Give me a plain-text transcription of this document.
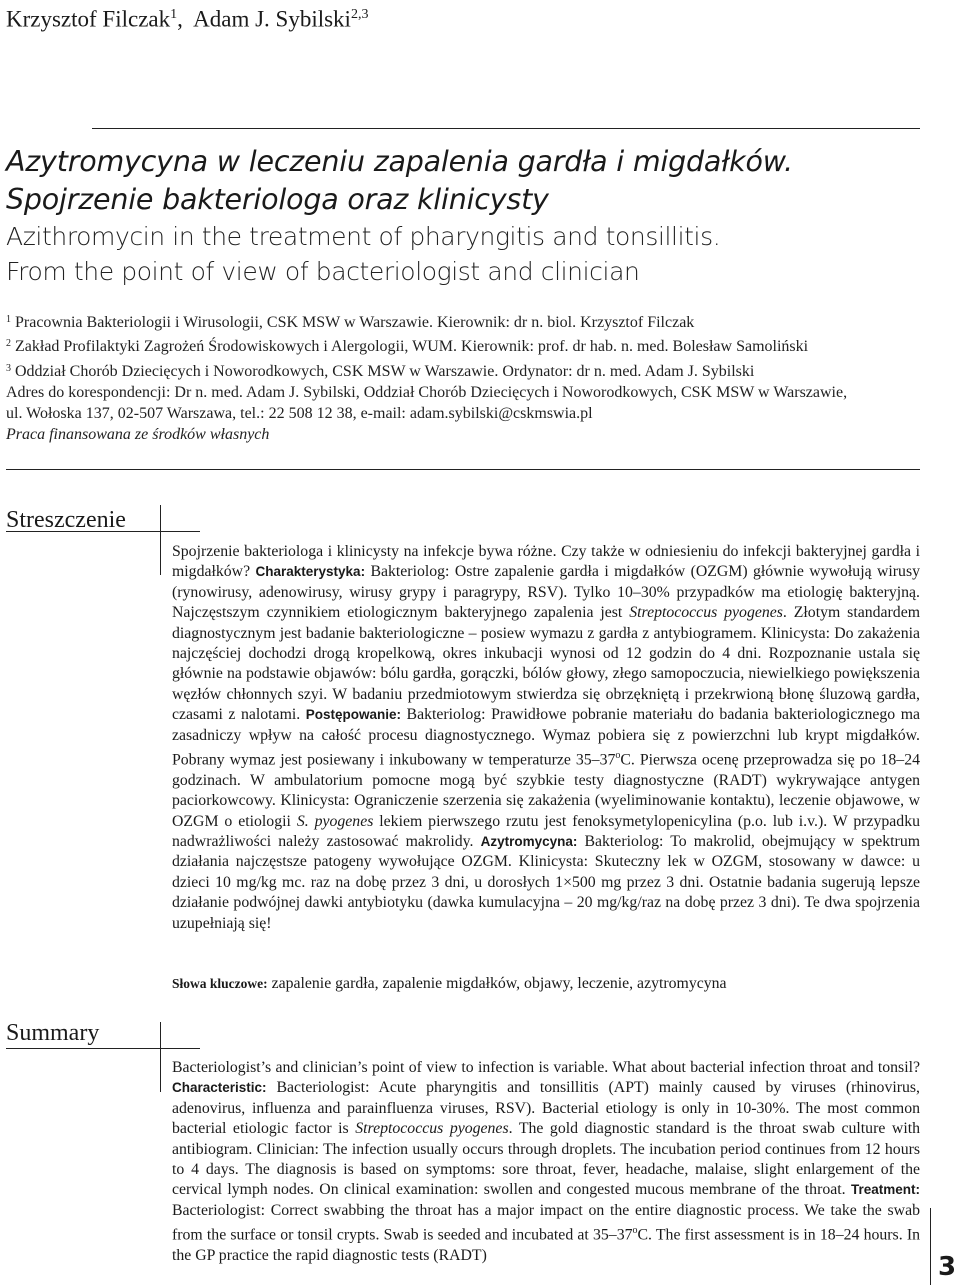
Krzysztof Filczak$^1$,  Adam J. Sybilski$^{2,3}$
Azytromycyna w leczeniu zapalenia gardła i migdałków.
Spojrzenie bakteriologa oraz klinicysty
Azithromycin in the treatment of pharyngitis and tonsillitis.
From the point of view of bacteriologist and clinician
$^1$ Pracownia Bakteriologii i Wirusologii, CSK MSW w Warszawie. Kierownik: dr n. biol. Krzysztof Filczak
$^2$ Zakład Profilaktyki Zagrożeń Środowiskowych i Alergologii, WUM. Kierownik: prof. dr hab. n. med. Bolesław Samoliński
$^3$ Oddział Chorób Dziecięcych i Noworodkowych, CSK MSW w Warszawie. Ordynator: dr n. med. Adam J. Sybilski
Adres do korespondencji: Dr n. med. Adam J. Sybilski, Oddział Chorób Dziecięcych i Noworodkowych, CSK MSW w Warszawie,
ul. Wołoska 137, 02-507 Warszawa, tel.: 22 508 12 38, e-mail: adam.sybilski@cskmswia.pl
Praca finansowana ze środków własnych
Streszczenie
Spojrzenie bakteriologa i klinicysty na infekcje bywa różne. Czy także w odniesieniu do infekcji bakteryjnej gardła i migdałków? Charakterystyka: Bakteriolog: Ostre zapalenie gardła i migdałków (OZGM) głównie wywołują wirusy (rynowirusy, adenowirusy, wirusy grypy i paragrypy, RSV). Tylko 10–30% przypadków ma etiologię bakteryjną. Najczęstszym czynnikiem etiologicznym bakteryjnego zapalenia jest Streptococcus pyogenes. Złotym standardem diagnostycznym jest badanie bakteriologiczne – posiew wymazu z gardła z antybiogramem. Klinicysta: Do zakażenia najczęściej dochodzi drogą kropelkową, okres inkubacji wynosi od 12 godzin do 4 dni. Rozpoznanie ustala się głównie na podstawie objawów: bólu gardła, gorączki, bólów głowy, złego samopoczucia, niewielkiego powiększenia węzłów chłonnych szyi. W badaniu przedmiotowym stwierdza się obrzękniętą i przekrwioną błonę śluzową gardła, czasami z nalotami. Postępowanie: Bakteriolog: Prawidłowe pobranie materiału do badania bakteriologicznego ma zasadniczy wpływ na całość procesu diagnostycznego. Wymaz pobiera się z powierzchni lub krypt migdałków. Pobrany wymaz jest posiewany i inkubowany w temperaturze 35–37$^o$C. Pierwsza ocenę przeprowadza się po 18–24 godzinach. W ambulatorium pomocne mogą być szybkie testy diagnostyczne (RADT) wykrywające antygen paciorkowcowy. Klinicysta: Ograniczenie szerzenia się zakażenia (wyeliminowanie kontaktu), leczenie objawowe, w OZGM o etiologii S. pyogenes lekiem pierwszego rzutu jest fenoksymetylopenicylina (p.o. lub i.v.). W przypadku nadwrażliwości należy zastosować makrolidy. Azytromycyna: Bakteriolog: To makrolid, obejmujący w spektrum działania najczęstsze patogeny wywołujące OZGM. Klinicysta: Skuteczny lek w OZGM, stosowany w dawce: u dzieci 10 mg/kg mc. raz na dobę przez 3 dni, u dorosłych 1×500 mg przez 3 dni. Ostatnie badania sugerują lepsze działanie podwójnej dawki antybiotyku (dawka kumulacyjna – 20 mg/kg/raz na dobę przez 3 dni). Te dwa spojrzenia uzupełniają się!
Słowa kluczowe: zapalenie gardła, zapalenie migdałków, objawy, leczenie, azytromycyna
Summary
Bacteriologist’s and clinician’s point of view to infection is variable. What about bacterial infection throat and tonsil? Characteristic: Bacteriologist: Acute pharyngitis and tonsillitis (APT) mainly caused by viruses (rhinovirus, adenovirus, influenza and parainfluenza viruses, RSV). Bacterial etiology is only in 10-30%. The most common bacterial etiologic factor is Streptococcus pyogenes. The gold diagnostic standard is the throat swab culture with antibiogram. Clinician: The infection usually occurs through droplets. The incubation period continues from 12 hours to 4 days. The diagnosis is based on symptoms: sore throat, fever, headache, malaise, slight enlargement of the cervical lymph nodes. On clinical examination: swollen and congested mucous membrane of the throat. Treatment: Bacteriologist: Correct swabbing the throat has a major impact on the entire diagnostic process. We take the swab from the surface or tonsil crypts. Swab is seeded and incubated at 35–37$^o$C. The first assessment is in 18–24 hours. In the GP practice the rapid diagnostic tests (RADT)	3
